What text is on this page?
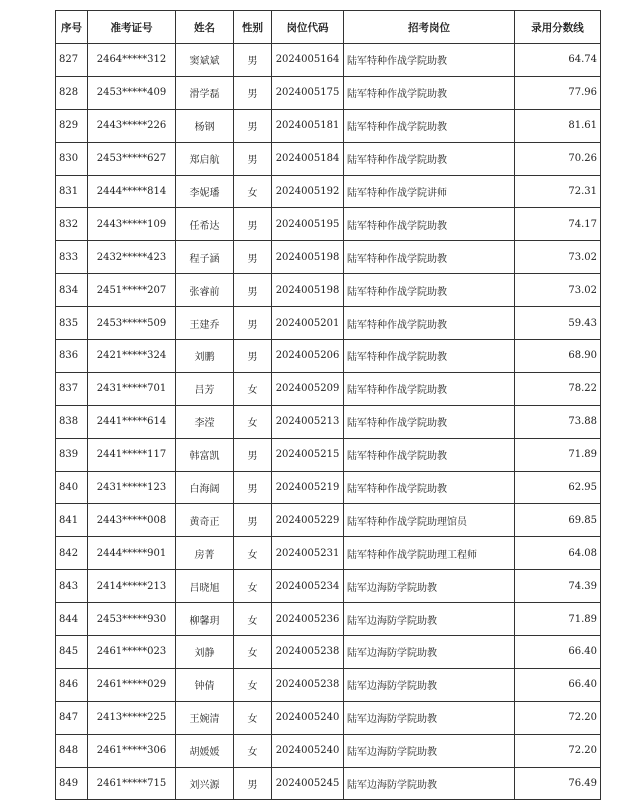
序号	准考证号	姓名	性别	岗位代码	招考岗位	录用分数线
827	2464*****312	窦斌斌	男	2024005164	陆军特种作战学院助教	64.74
828	2453*****409	滑学磊	男	2024005175	陆军特种作战学院助教	77.96
829	2443*****226	杨钢	男	2024005181	陆军特种作战学院助教	81.61
830	2453*****627	郑启航	男	2024005184	陆军特种作战学院助教	70.26
831	2444*****814	李妮璠	女	2024005192	陆军特种作战学院讲师	72.31
832	2443*****109	任希达	男	2024005195	陆军特种作战学院助教	74.17
833	2432*****423	程子涵	男	2024005198	陆军特种作战学院助教	73.02
834	2451*****207	张睿前	男	2024005198	陆军特种作战学院助教	73.02
835	2453*****509	王建乔	男	2024005201	陆军特种作战学院助教	59.43
836	2421*****324	刘鹏	男	2024005206	陆军特种作战学院助教	68.90
837	2431*****701	吕芳	女	2024005209	陆军特种作战学院助教	78.22
838	2441*****614	李滢	女	2024005213	陆军特种作战学院助教	73.88
839	2441*****117	韩富凯	男	2024005215	陆军特种作战学院助教	71.89
840	2431*****123	白海阔	男	2024005219	陆军特种作战学院助教	62.95
841	2443*****008	黄奇正	男	2024005229	陆军特种作战学院助理馆员	69.85
842	2444*****901	房菁	女	2024005231	陆军特种作战学院助理工程师	64.08
843	2414*****213	吕晓旭	女	2024005234	陆军边海防学院助教	74.39
844	2453*****930	柳馨玥	女	2024005236	陆军边海防学院助教	71.89
845	2461*****023	刘静	女	2024005238	陆军边海防学院助教	66.40
846	2461*****029	钟倩	女	2024005238	陆军边海防学院助教	66.40
847	2413*****225	王婉清	女	2024005240	陆军边海防学院助教	72.20
848	2461*****306	胡媛媛	女	2024005240	陆军边海防学院助教	72.20
849	2461*****715	刘兴源	男	2024005245	陆军边海防学院助教	76.49
